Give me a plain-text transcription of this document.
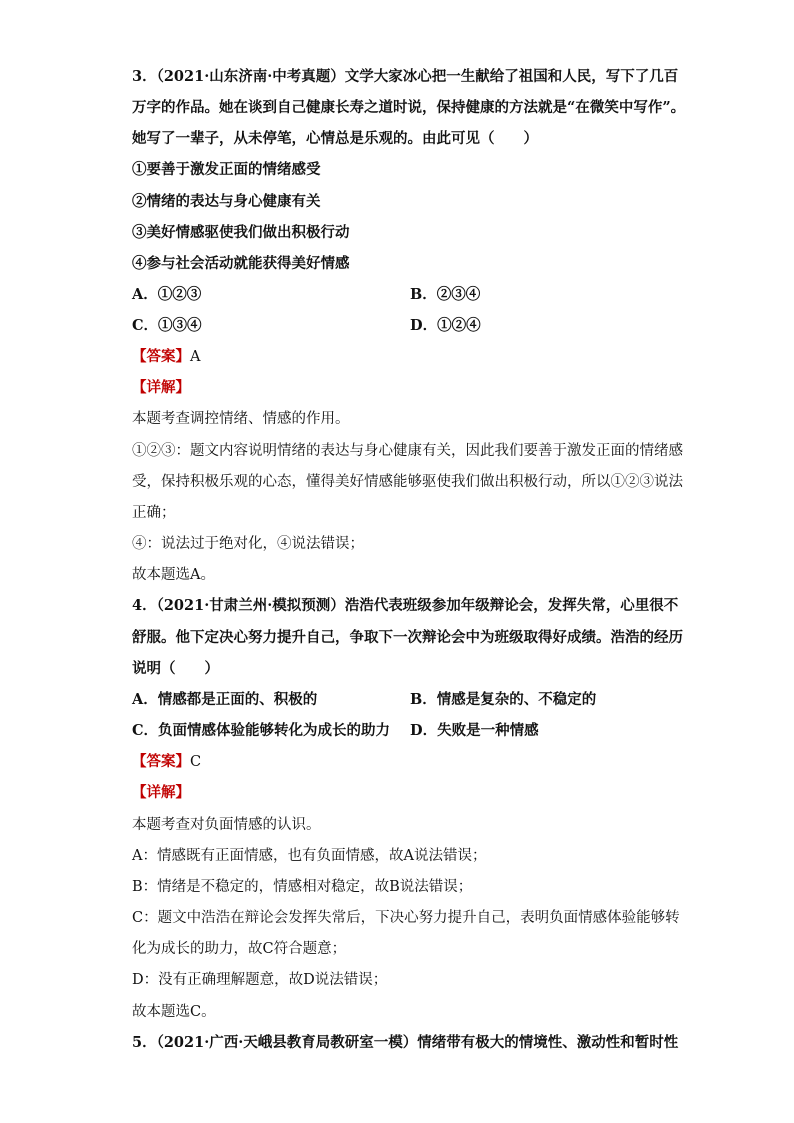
3．（2021·山东济南·中考真题）文学大家冰心把一生献给了祖国和人民，写下了几百
万字的作品。她在谈到自己健康长寿之道时说，保持健康的方法就是“在微笑中写作”。
她写了一辈子，从未停笔，心情总是乐观的。由此可见（　　）
①要善于激发正面的情绪感受
②情绪的表达与身心健康有关
③美好情感驱使我们做出积极行动
④参与社会活动就能获得美好情感
A．①②③	B．②③④
C．①③④	D．①②④
【答案】A
【详解】
本题考查调控情绪、情感的作用。
①②③：题文内容说明情绪的表达与身心健康有关，因此我们要善于激发正面的情绪感
受，保持积极乐观的心态，懂得美好情感能够驱使我们做出积极行动，所以①②③说法
正确；
④：说法过于绝对化，④说法错误；
故本题选A。
4．（2021·甘肃兰州·模拟预测）浩浩代表班级参加年级辩论会，发挥失常，心里很不
舒服。他下定决心努力提升自己，争取下一次辩论会中为班级取得好成绩。浩浩的经历
说明（　　）
A．情感都是正面的、积极的	B．情感是复杂的、不稳定的
C．负面情感体验能够转化为成长的助力 D．失败是一种情感
【答案】C
【详解】
本题考查对负面情感的认识。
A：情感既有正面情感，也有负面情感，故A说法错误；
B：情绪是不稳定的，情感相对稳定，故B说法错误；
C：题文中浩浩在辩论会发挥失常后，下决心努力提升自己，表明负面情感体验能够转
化为成长的助力，故C符合题意；
D：没有正确理解题意，故D说法错误；
故本题选C。
5．（2021·广西·天峨县教育局教研室一模）情绪带有极大的情境性、激动性和暂时性
